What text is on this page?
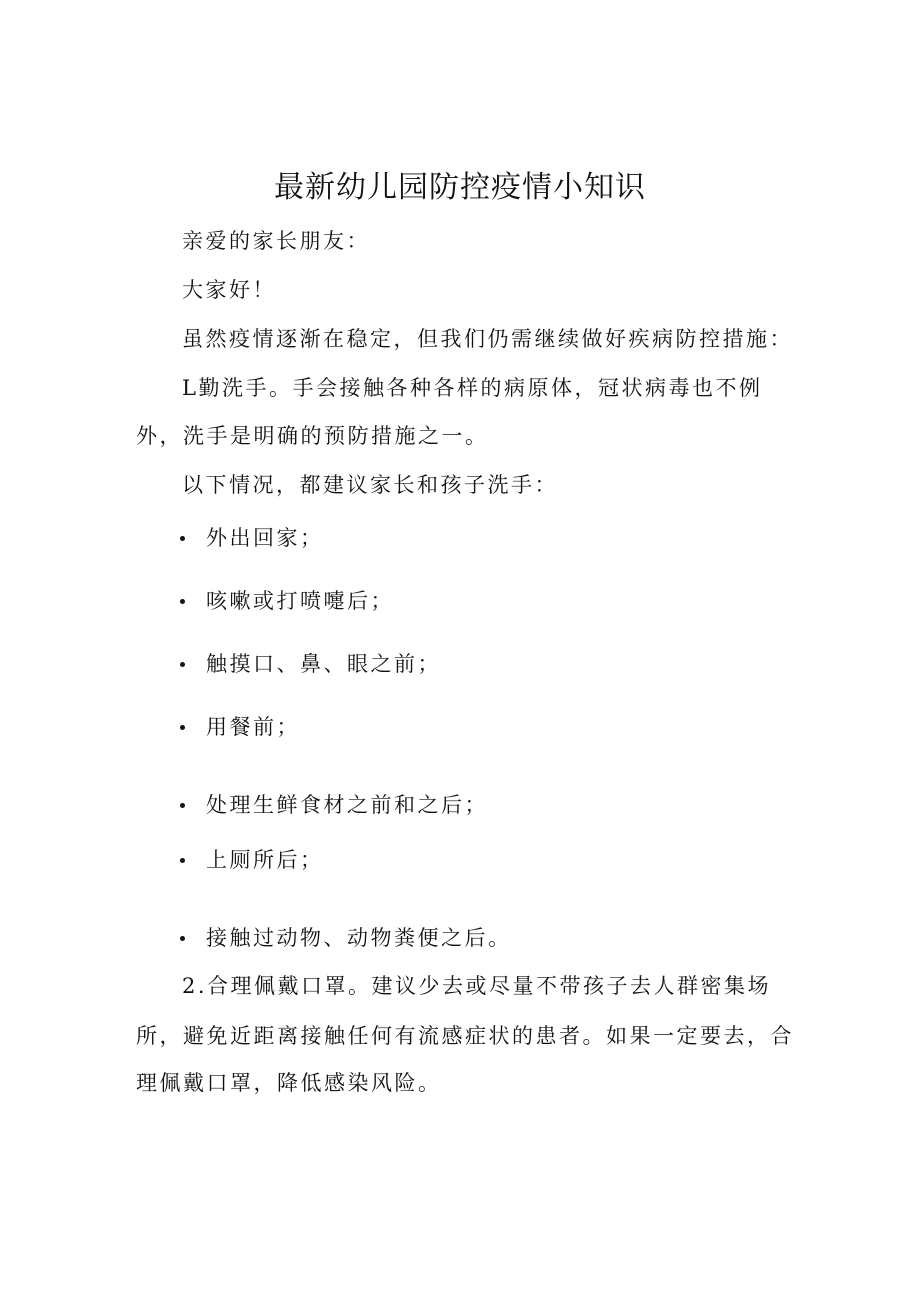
最新幼儿园防控疫情小知识
亲爱的家长朋友：
大家好！
虽然疫情逐渐在稳定，但我们仍需继续做好疾病防控措施：
L勤洗手。手会接触各种各样的病原体，冠状病毒也不例
外，洗手是明确的预防措施之一。
以下情况，都建议家长和孩子洗手：
外出回家；
咳嗽或打喷嚏后；
触摸口、鼻、眼之前；
用餐前；
处理生鲜食材之前和之后；
上厕所后；
接触过动物、动物粪便之后。
2.合理佩戴口罩。建议少去或尽量不带孩子去人群密集场
所，避免近距离接触任何有流感症状的患者。如果一定要去，合
理佩戴口罩，降低感染风险。
